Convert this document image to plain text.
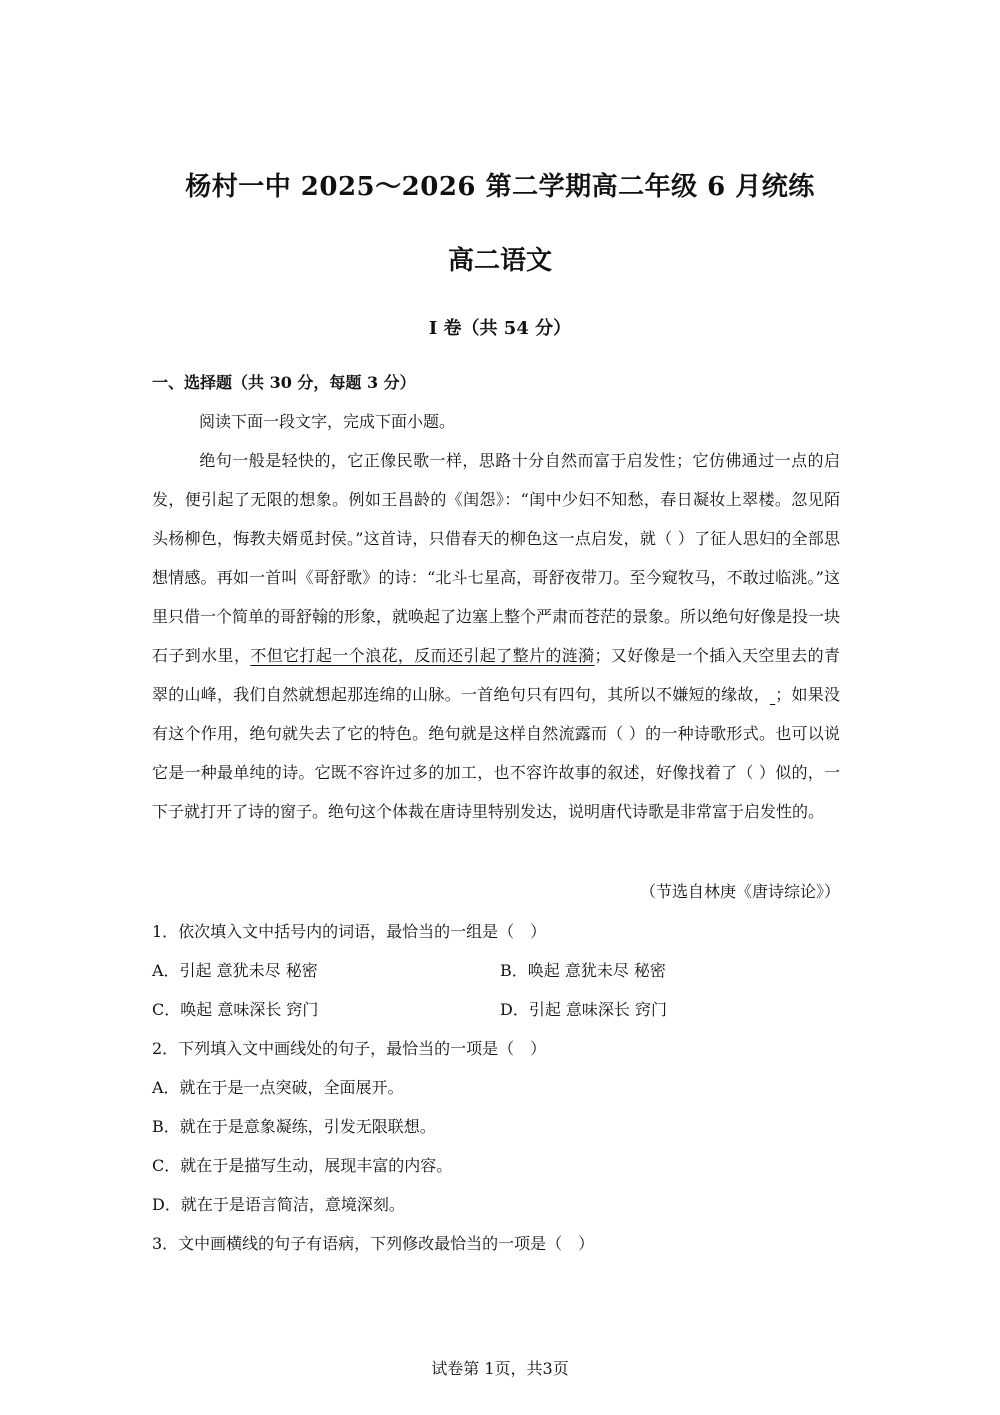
杨村一中 2025～2026 第二学期高二年级 6 月统练
高二语文
I 卷（共 54 分）
一、选择题（共 30 分，每题 3 分）
阅读下面一段文字，完成下面小题。

绝句一般是轻快的，它正像民歌一样，思路十分自然而富于启发性；它仿佛通过一点的启发，便引起了无限的想象。例如王昌龄的《闺怨》：“闺中少妇不知愁，春日凝妆上翠楼。忽见陌头杨柳色，悔教夫婿觅封侯。”这首诗，只借春天的柳色这一点启发，就（ ）了征人思妇的全部思想情感。再如一首叫《哥舒歌》的诗：“北斗七星高，哥舒夜带刀。至今窥牧马，不敢过临洮。”这里只借一个简单的哥舒翰的形象，就唤起了边塞上整个严肃而苍茫的景象。所以绝句好像是投一块石子到水里，不但它打起一个浪花，反而还引起了整片的涟漪；又好像是一个插入天空里去的青翠的山峰，我们自然就想起那连绵的山脉。一首绝句只有四句，其所以不嫌短的缘故， ；如果没有这个作用，绝句就失去了它的特色。绝句就是这样自然流露而（ ）的一种诗歌形式。也可以说它是一种最单纯的诗。它既不容许过多的加工，也不容许故事的叙述，好像找着了（ ）似的，一下子就打开了诗的窗子。绝句这个体裁在唐诗里特别发达，说明唐代诗歌是非常富于启发性的。

（节选自林庚《唐诗综论》）
1．依次填入文中括号内的词语，最恰当的一组是（　）
A．引起 意犹未尽 秘密	B．唤起 意犹未尽 秘密
C．唤起 意味深长 窍门	D．引起 意味深长 窍门
2．下列填入文中画线处的句子，最恰当的一项是（　）
A．就在于是一点突破，全面展开。
B．就在于是意象凝练，引发无限联想。
C．就在于是描写生动，展现丰富的内容。
D．就在于是语言简洁，意境深刻。
3．文中画横线的句子有语病，下列修改最恰当的一项是（　）
试卷第 1页，共3页
